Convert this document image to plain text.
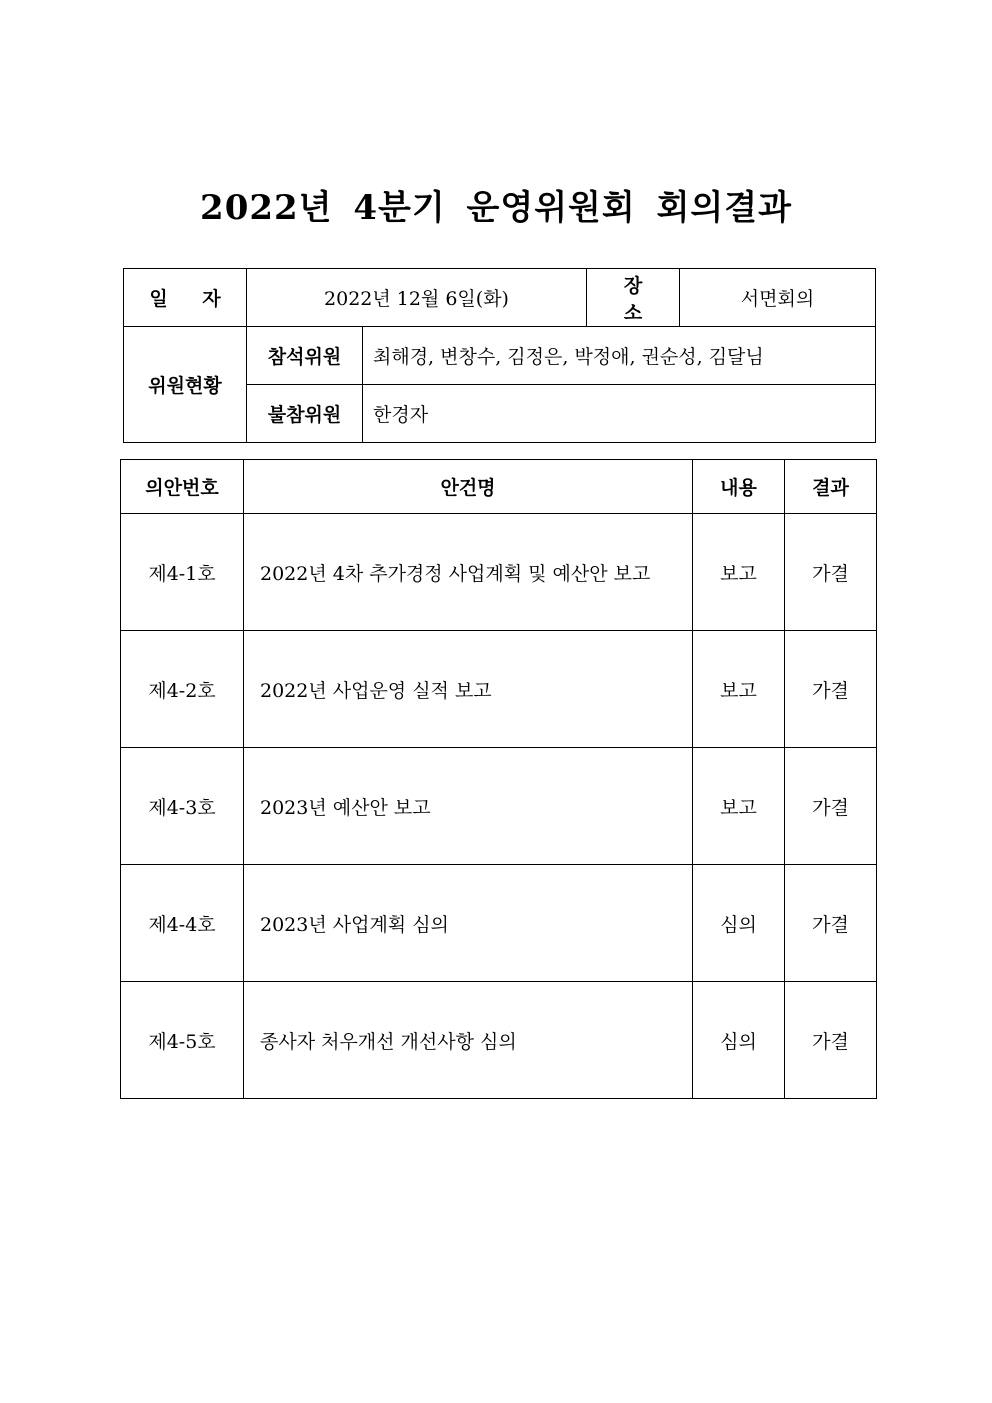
2022년 4분기 운영위원회 회의결과
일 자	2022년 12월 6일(화)		장 소	서면회의
위원현황	참석위원	최해경, 변창수, 김정은, 박정애, 권순성, 김달님		
	불참위원	한경자		
의안번호	안건명	내용	결과
제4-1호	2022년 4차 추가경정 사업계획 및 예산안 보고	보고	가결
제4-2호	2022년 사업운영 실적 보고	보고	가결
제4-3호	2023년 예산안 보고	보고	가결
제4-4호	2023년 사업계획 심의	심의	가결
제4-5호	종사자 처우개선 개선사항 심의	심의	가결
